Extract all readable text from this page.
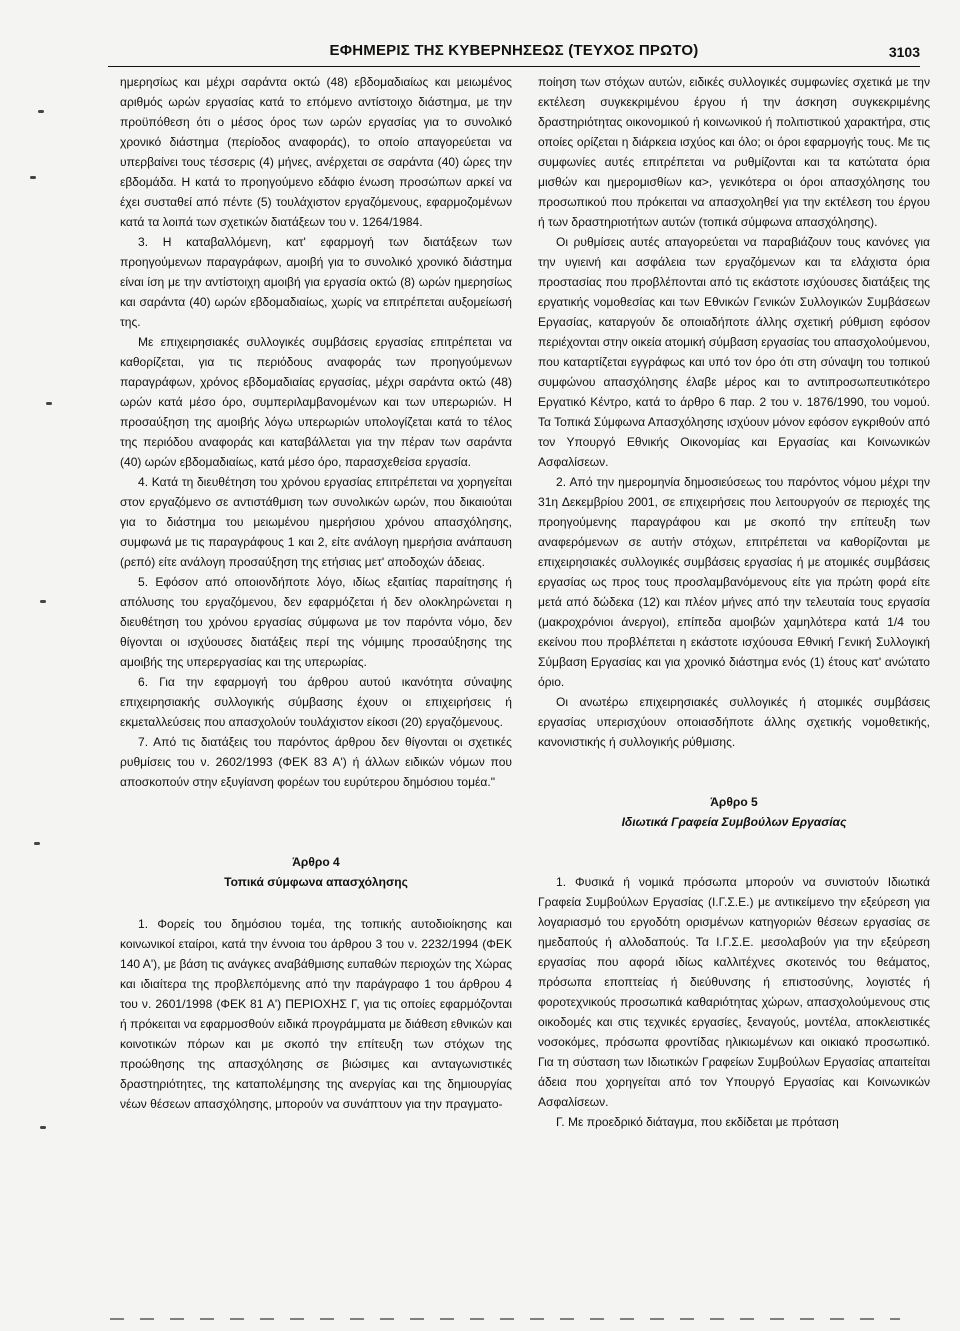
ΕΦΗΜΕΡΙΣ ΤΗΣ ΚΥΒΕΡΝΗΣΕΩΣ (ΤΕΥΧΟΣ ΠΡΩΤΟ)	3103

ημερησίως και μέχρι σαράντα οκτώ (48) εβδομαδιαίως και μειωμένος αριθμός ωρών εργασίας κατά το επόμενο αντίστοιχο διάστημα, με την προϋπόθεση ότι ο μέσος όρος των ωρών εργασίας για το συνολικό χρονικό διάστημα (περίοδος αναφοράς), το οποίο απαγορεύεται να υπερβαίνει τους τέσσερις (4) μήνες, ανέρχεται σε σαράντα (40) ώρες την εβδομάδα. Η κατά το προηγούμενο εδάφιο ένωση προσώπων αρκεί να έχει συσταθεί από πέντε (5) τουλάχιστον εργαζόμενους, εφαρμοζομένων κατά τα λοιπά των σχετικών διατάξεων του ν. 1264/1984.

3. Η καταβαλλόμενη, κατ' εφαρμογή των διατάξεων των προηγούμενων παραγράφων, αμοιβή για το συνολικό χρονικό διάστημα είναι ίση με την αντίστοιχη αμοιβή για εργασία οκτώ (8) ωρών ημερησίως και σαράντα (40) ωρών εβδομαδιαίως, χωρίς να επιτρέπεται αυξομείωσή της.

Με επιχειρησιακές συλλογικές συμβάσεις εργασίας επιτρέπεται να καθορίζεται, για τις περιόδους αναφοράς των προηγούμενων παραγράφων, χρόνος εβδομαδιαίας εργασίας, μέχρι σαράντα οκτώ (48) ωρών κατά μέσο όρο, συμπεριλαμβανομένων και των υπερωριών. Η προσαύξηση της αμοιβής λόγω υπερωριών υπολογίζεται κατά το τέλος της περιόδου αναφοράς και καταβάλλεται για την πέραν των σαράντα (40) ωρών εβδομαδιαίως, κατά μέσο όρο, παρασχεθείσα εργασία.

4. Κατά τη διευθέτηση του χρόνου εργασίας επιτρέπεται να χορηγείται στον εργαζόμενο σε αντιστάθμιση των συνολικών ωρών, που δικαιούται για το διάστημα του μειωμένου ημερήσιου χρόνου απασχόλησης, συμφωνά με τις παραγράφους 1 και 2, είτε ανάλογη ημερήσια ανάπαυση (ρεπό) είτε ανάλογη προσαύξηση της ετήσιας μετ' αποδοχών άδειας.

5. Εφόσον από οποιονδήποτε λόγο, ιδίως εξαιτίας παραίτησης ή απόλυσης του εργαζόμενου, δεν εφαρμόζεται ή δεν ολοκληρώνεται η διευθέτηση του χρόνου εργασίας σύμφωνα με τον παρόντα νόμο, δεν θίγονται οι ισχύουσες διατάξεις περί της νόμιμης προσαύξησης της αμοιβής της υπερεργασίας και της υπερωρίας.

6. Για την εφαρμογή του άρθρου αυτού ικανότητα σύναψης επιχειρησιακής συλλογικής σύμβασης έχουν οι επιχειρήσεις ή εκμεταλλεύσεις που απασχολούν τουλάχιστον είκοσι (20) εργαζόμενους.

7. Από τις διατάξεις του παρόντος άρθρου δεν θίγονται οι σχετικές ρυθμίσεις του ν. 2602/1993 (ΦΕΚ 83 Α') ή άλλων ειδικών νόμων που αποσκοπούν στην εξυγίανση φορέων του ευρύτερου δημόσιου τομέα."

Άρθρο 4

Τοπικά σύμφωνα απασχόλησης

1. Φορείς του δημόσιου τομέα, της τοπικής αυτοδιοίκησης και κοινωνικοί εταίροι, κατά την έννοια του άρθρου 3 του ν. 2232/1994 (ΦΕΚ 140 Α'), με βάση τις ανάγκες αναβάθμισης ευπαθών περιοχών της Χώρας και ιδιαίτερα της προβλεπόμενης από την παράγραφο 1 του άρθρου 4 του ν. 2601/1998 (ΦΕΚ 81 Α') ΠΕΡΙΟΧΗΣ Γ, για τις οποίες εφαρμόζονται ή πρόκειται να εφαρμοσθούν ειδικά προγράμματα με διάθεση εθνικών και κοινοτικών πόρων και με σκοπό την επίτευξη των στόχων της προώθησης της απασχόλησης σε βιώσιμες και ανταγωνιστικές δραστηριότητες, της καταπολέμησης της ανεργίας και της δημιουργίας νέων θέσεων απασχόλησης, μπορούν να συνάπτουν για την πραγματο-

ποίηση των στόχων αυτών, ειδικές συλλογικές συμφωνίες σχετικά με την εκτέλεση συγκεκριμένου έργου ή την άσκηση συγκεκριμένης δραστηριότητας οικονομικού ή κοινωνικού ή πολιτιστικού χαρακτήρα, στις οποίες ορίζεται η διάρκεια ισχύος και όλο; οι όροι εφαρμογής τους. Με τις συμφωνίες αυτές επιτρέπεται να ρυθμίζονται και τα κατώτατα όρια μισθών και ημερομισθίων κα>, γενικότερα οι όροι απασχόλησης του προσωπικού που πρόκειται να απασχοληθεί για την εκτέλεση του έργου ή των δραστηριοτήτων αυτών (τοπικά σύμφωνα απασχόλησης).

Οι ρυθμίσεις αυτές απαγορεύεται να παραβιάζουν τους κανόνες για την υγιεινή και ασφάλεια των εργαζόμενων και τα ελάχιστα όρια προστασίας που προβλέπονται από τις εκάστοτε ισχύουσες διατάξεις της εργατικής νομοθεσίας και των Εθνικών Γενικών Συλλογικών Συμβάσεων Εργασίας, καταργούν δε οποιαδήποτε άλλης σχετική ρύθμιση εφόσον περιέχονται στην οικεία ατομική σύμβαση εργασίας του απασχολούμενου, που καταρτίζεται εγγράφως και υπό τον όρο ότι στη σύναψη του τοπικού συμφώνου απασχόλησης έλαβε μέρος και το αντιπροσωπευτικότερο Εργατικό Κέντρο, κατά το άρθρο 6 παρ. 2 του ν. 1876/1990, του νομού. Τα Τοπικά Σύμφωνα Απασχόλησης ισχύουν μόνον εφόσον εγκριθούν από τον Υπουργό Εθνικής Οικονομίας και Εργασίας και Κοινωνικών Ασφαλίσεων.

2. Από την ημερομηνία δημοσιεύσεως του παρόντος νόμου μέχρι την 31η Δεκεμβρίου 2001, σε επιχειρήσεις που λειτουργούν σε περιοχές της προηγούμενης παραγράφου και με σκοπό την επίτευξη των αναφερόμενων σε αυτήν στόχων, επιτρέπεται να καθορίζονται με επιχειρησιακές συλλογικές συμβάσεις εργασίας ή με ατομικές συμβάσεις εργασίας ως προς τους προσλαμβανόμενους είτε για πρώτη φορά είτε μετά από δώδεκα (12) και πλέον μήνες από την τελευταία τους εργασία (μακροχρόνιοι άνεργοι), επίπεδα αμοιβών χαμηλότερα κατά 1/4 του εκείνου που προβλέπεται η εκάστοτε ισχύουσα Εθνική Γενική Συλλογική Σύμβαση Εργασίας και για χρονικό διάστημα ενός (1) έτους κατ' ανώτατο όριο.

Οι ανωτέρω επιχειρησιακές συλλογικές ή ατομικές συμβάσεις εργασίας υπερισχύουν οποιασδήποτε άλλης σχετικής νομοθετικής, κανονιστικής ή συλλογικής ρύθμισης.

Άρθρο 5

Ιδιωτικά Γραφεία Συμβούλων Εργασίας

1. Φυσικά ή νομικά πρόσωπα μπορούν να συνιστούν Ιδιωτικά Γραφεία Συμβούλων Εργασίας (Ι.Γ.Σ.Ε.) με αντικείμενο την εξεύρεση για λογαριασμό του εργοδότη ορισμένων κατηγοριών θέσεων εργασίας σε ημεδαπούς ή αλλοδαπούς. Τα Ι.Γ.Σ.Ε. μεσολαβούν για την εξεύρεση εργασίας που αφορά ιδίως καλλιτέχνες σκοτεινός του θεάματος, πρόσωπα εποπτείας ή διεύθυνσης ή επιστοσύνης, λογιστές ή φοροτεχνικούς προσωπικά καθαριότητας χώρων, απασχολούμενους στις οικοδομές και στις τεχνικές εργασίες, ξεναγούς, μοντέλα, αποκλειστικές νοσοκόμες, πρόσωπα φροντίδας ηλικιωμένων και οικιακό προσωπικό. Για τη σύσταση των Ιδιωτικών Γραφείων Συμβούλων Εργασίας απαιτείται άδεια που χορηγείται από τον Υπουργό Εργασίας και Κοινωνικών Ασφαλίσεων.

Γ. Με προεδρικό διάταγμα, που εκδίδεται με πρόταση
